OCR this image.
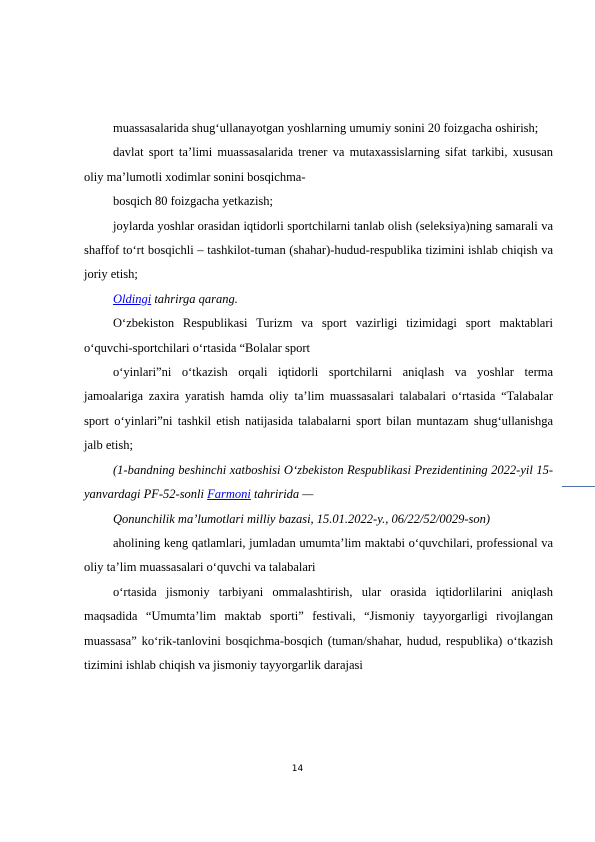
muassasalarida shug‘ullanayotgan yoshlarning umumiy sonini 20 foizgacha oshirish;

davlat sport ta’limi muassasalarida trener va mutaxassislarning sifat tarkibi, xususan oliy ma’lumotli xodimlar sonini bosqichma-

bosqich 80 foizgacha yetkazish;

joylarda yoshlar orasidan iqtidorli sportchilarni tanlab olish (seleksiya)ning samarali va shaffof to‘rt bosqichli – tashkilot-tuman (shahar)-hudud-respublika tizimini ishlab chiqish va joriy etish;

Oldingi tahrirga qarang.

O‘zbekiston Respublikasi Turizm va sport vazirligi tizimidagi sport maktablari o‘quvchi-sportchilari o‘rtasida “Bolalar sport

o‘yinlari”ni o‘tkazish orqali iqtidorli sportchilarni aniqlash va yoshlar terma jamoalariga zaxira yaratish hamda oliy ta’lim muassasalari talabalari o‘rtasida “Talabalar sport o‘yinlari”ni tashkil etish natijasida talabalarni sport bilan muntazam shug‘ullanishga jalb etish;

(1-bandning beshinchi xatboshisi O‘zbekiston Respublikasi Prezidentining 2022-yil 15-yanvardagi PF-52-sonli Farmoni tahririda —

Qonunchilik ma’lumotlari milliy bazasi, 15.01.2022-y., 06/22/52/0029-son)

aholining keng qatlamlari, jumladan umumta’lim maktabi o‘quvchilari, professional va oliy ta’lim muassasalari o‘quvchi va talabalari

o‘rtasida jismoniy tarbiyani ommalashtirish, ular orasida iqtidorlilarini aniqlash maqsadida “Umumta’lim maktab sporti” festivali, “Jismoniy tayyorgarligi rivojlangan muassasa” ko‘rik-tanlovini bosqichma-bosqich (tuman/shahar, hudud, respublika) o‘tkazish tizimini ishlab chiqish va jismoniy tayyorgarlik darajasi

14
